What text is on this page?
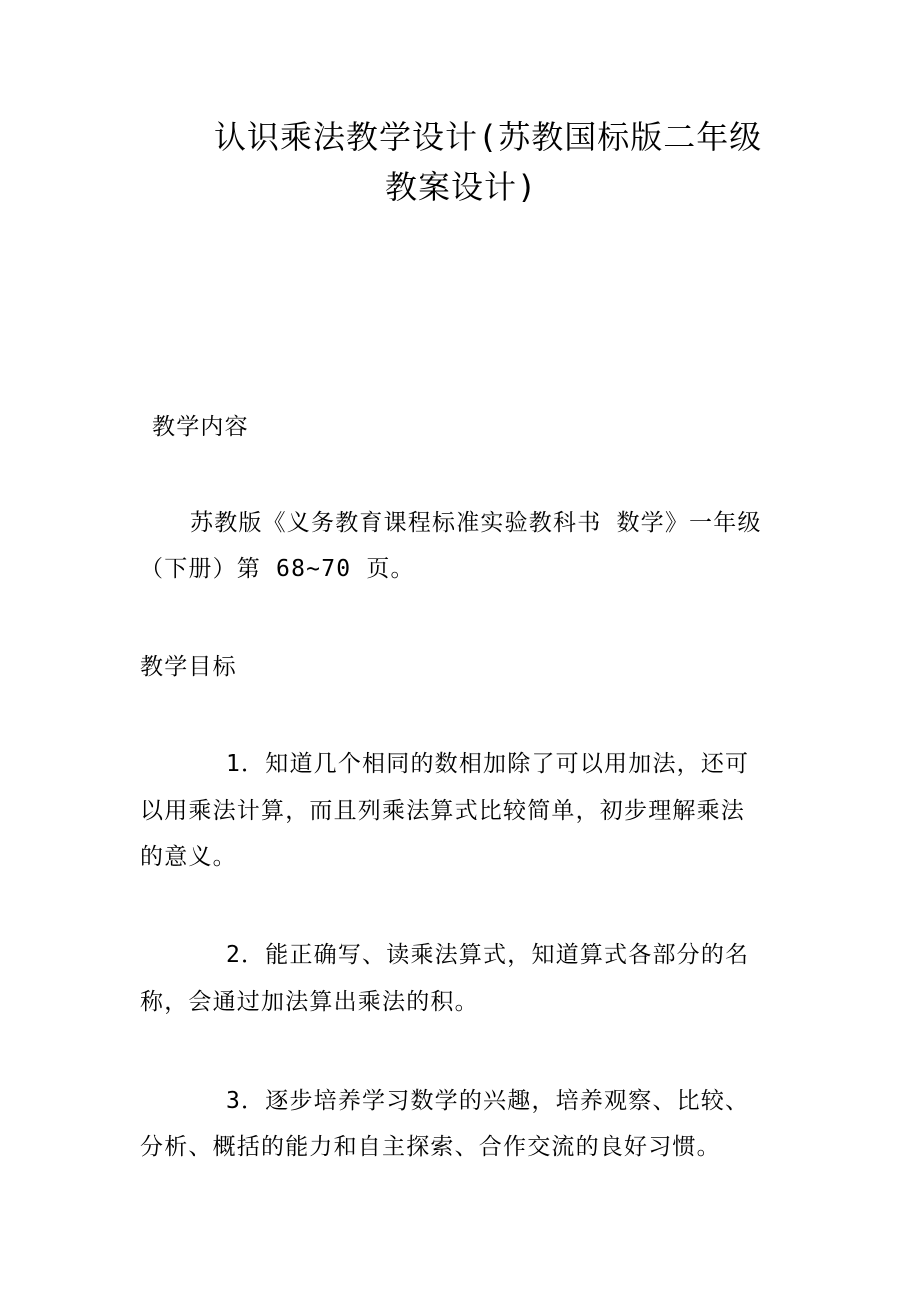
认识乘法教学设计(苏教国标版二年级
教案设计)
教学内容
苏教版《义务教育课程标准实验教科书 数学》一年级
（下册）第 68~70 页。
教学目标
1．知道几个相同的数相加除了可以用加法，还可
以用乘法计算，而且列乘法算式比较简单，初步理解乘法
的意义。
2．能正确写、读乘法算式，知道算式各部分的名
称，会通过加法算出乘法的积。
3．逐步培养学习数学的兴趣，培养观察、比较、
分析、概括的能力和自主探索、合作交流的良好习惯。
